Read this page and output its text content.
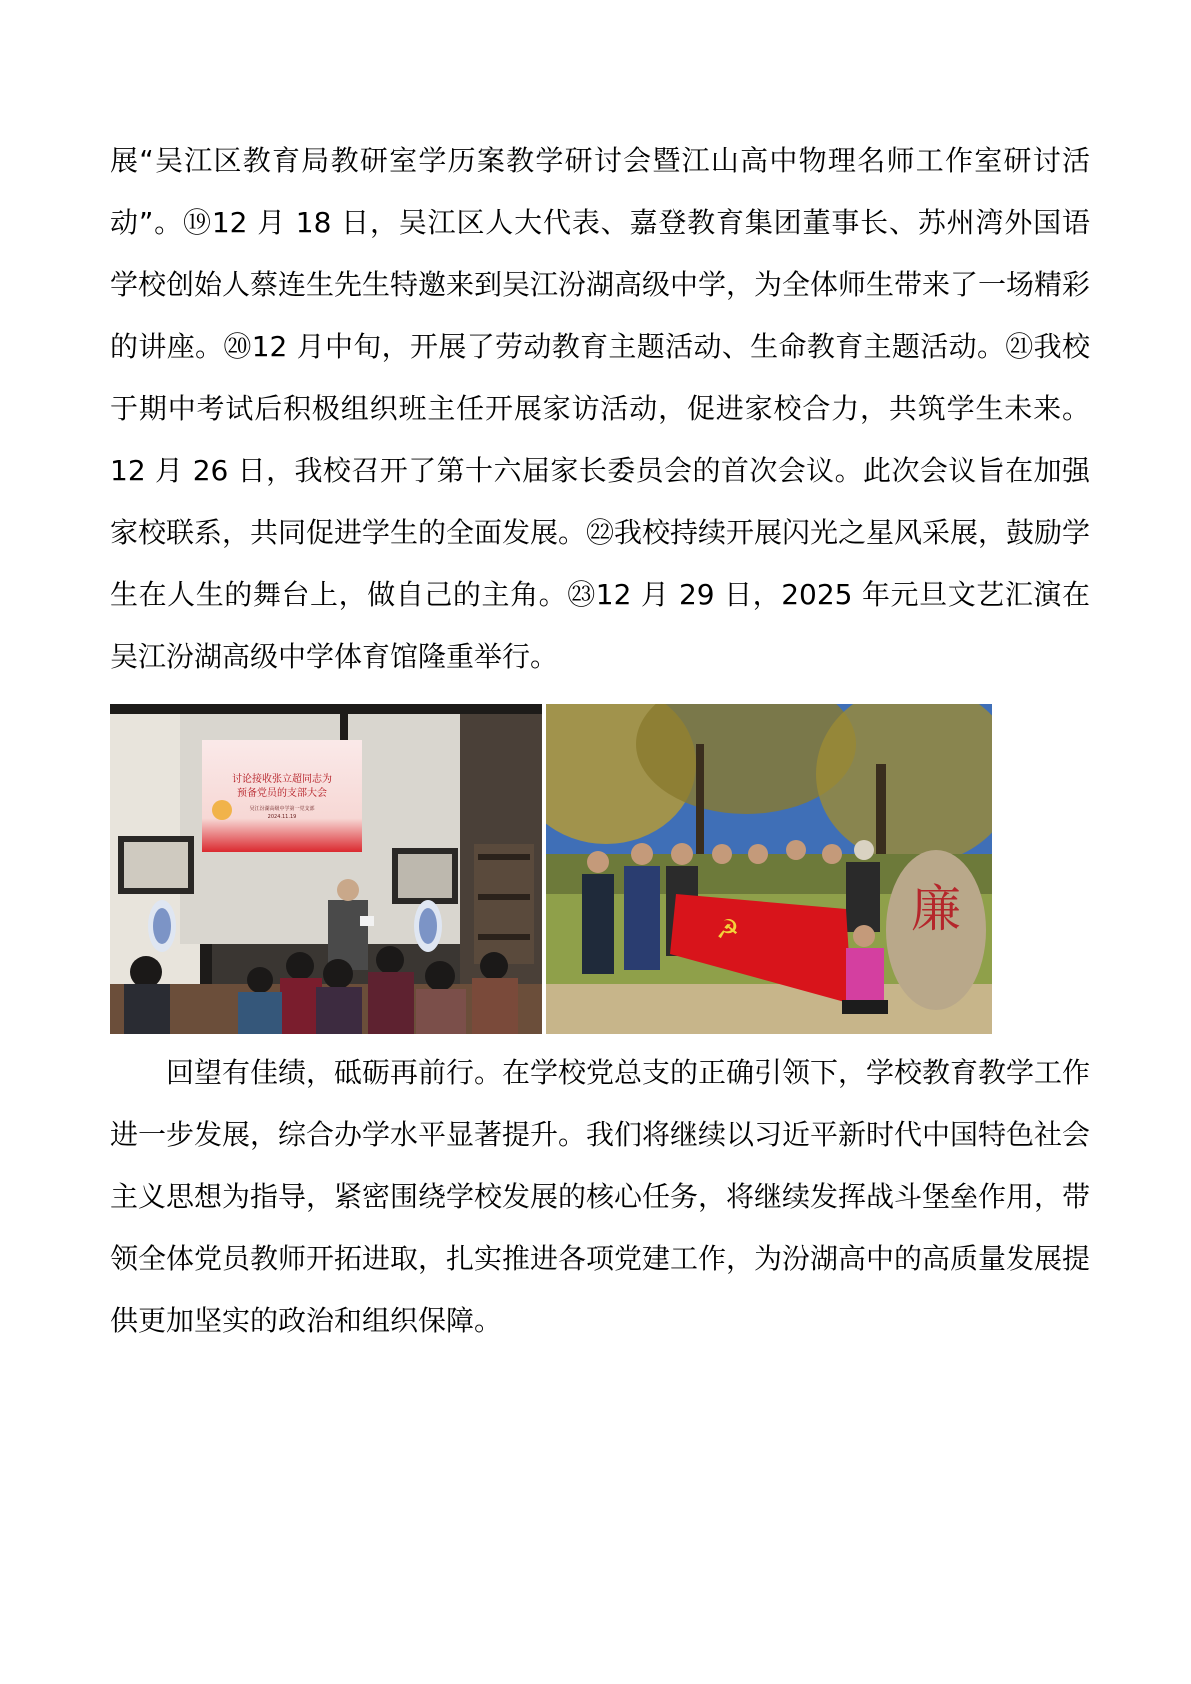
展“吴江区教育局教研室学历案教学研讨会暨江山高中物理名师工作室研讨活动”。⑲12 月 18 日，吴江区人大代表、嘉登教育集团董事长、苏州湾外国语学校创始人蔡连生先生特邀来到吴江汾湖高级中学，为全体师生带来了一场精彩的讲座。⑳12 月中旬，开展了劳动教育主题活动、生命教育主题活动。㉑我校于期中考试后积极组织班主任开展家访活动，促进家校合力，共筑学生未来。12 月 26 日，我校召开了第十六届家长委员会的首次会议。此次会议旨在加强家校联系，共同促进学生的全面发展。㉒我校持续开展闪光之星风采展，鼓励学生在人生的舞台上，做自己的主角。㉓12 月 29 日，2025 年元旦文艺汇演在吴江汾湖高级中学体育馆隆重举行。

讨论接收张立超同志为
预备党员的支部大会
吴江汾湖高级中学第一党支部
2024.11.19
廉
☭

回望有佳绩，砥砺再前行。在学校党总支的正确引领下，学校教育教学工作进一步发展，综合办学水平显著提升。我们将继续以习近平新时代中国特色社会主义思想为指导，紧密围绕学校发展的核心任务，将继续发挥战斗堡垒作用，带领全体党员教师开拓进取，扎实推进各项党建工作，为汾湖高中的高质量发展提供更加坚实的政治和组织保障。
